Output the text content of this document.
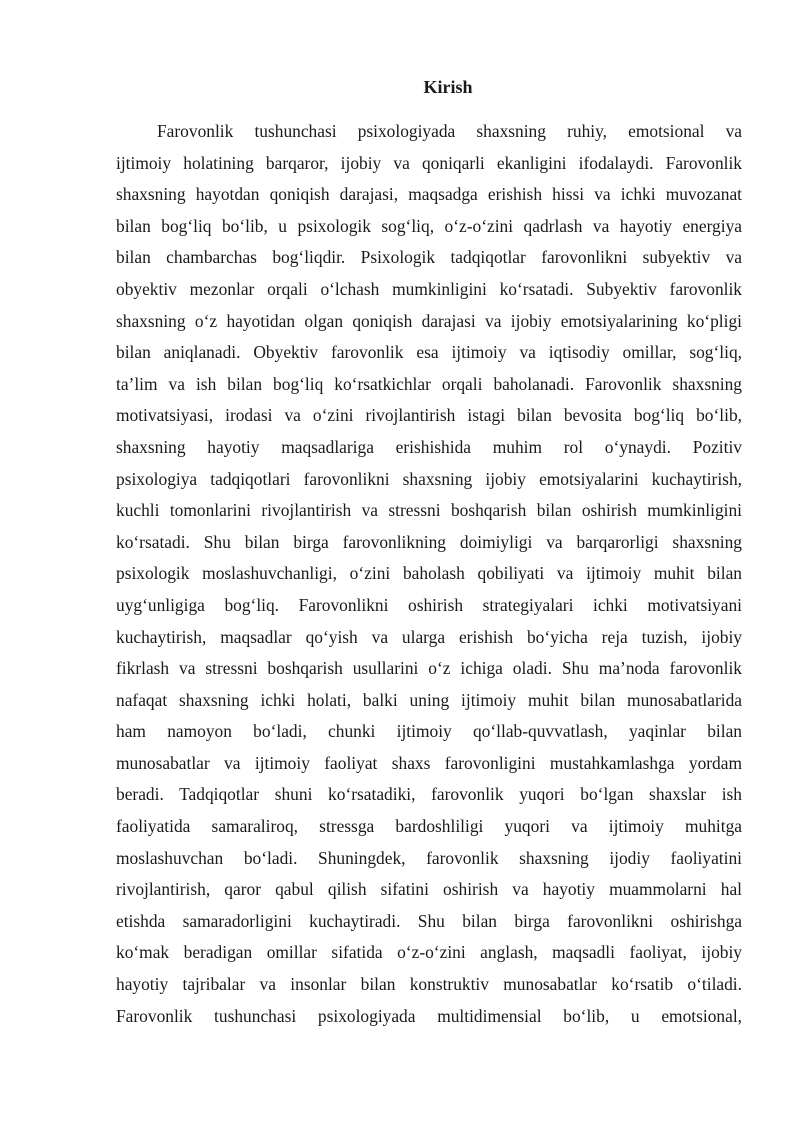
Kirish
Farovonlik tushunchasi psixologiyada shaxsning ruhiy, emotsional va
ijtimoiy holatining barqaror, ijobiy va qoniqarli ekanligini ifodalaydi. Farovonlik
shaxsning hayotdan qoniqish darajasi, maqsadga erishish hissi va ichki muvozanat
bilan bog‘liq bo‘lib, u psixologik sog‘liq, o‘z-o‘zini qadrlash va hayotiy energiya
bilan chambarchas bog‘liqdir. Psixologik tadqiqotlar farovonlikni subyektiv va
obyektiv mezonlar orqali o‘lchash mumkinligini ko‘rsatadi. Subyektiv farovonlik
shaxsning o‘z hayotidan olgan qoniqish darajasi va ijobiy emotsiyalarining ko‘pligi
bilan aniqlanadi. Obyektiv farovonlik esa ijtimoiy va iqtisodiy omillar, sog‘liq,
ta’lim va ish bilan bog‘liq ko‘rsatkichlar orqali baholanadi. Farovonlik shaxsning
motivatsiyasi, irodasi va o‘zini rivojlantirish istagi bilan bevosita bog‘liq bo‘lib,
shaxsning hayotiy maqsadlariga erishishida muhim rol o‘ynaydi. Pozitiv
psixologiya tadqiqotlari farovonlikni shaxsning ijobiy emotsiyalarini kuchaytirish,
kuchli tomonlarini rivojlantirish va stressni boshqarish bilan oshirish mumkinligini
ko‘rsatadi. Shu bilan birga farovonlikning doimiyligi va barqarorligi shaxsning
psixologik moslashuvchanligi, o‘zini baholash qobiliyati va ijtimoiy muhit bilan
uyg‘unligiga bog‘liq. Farovonlikni oshirish strategiyalari ichki motivatsiyani
kuchaytirish, maqsadlar qo‘yish va ularga erishish bo‘yicha reja tuzish, ijobiy
fikrlash va stressni boshqarish usullarini o‘z ichiga oladi. Shu ma’noda farovonlik
nafaqat shaxsning ichki holati, balki uning ijtimoiy muhit bilan munosabatlarida
ham namoyon bo‘ladi, chunki ijtimoiy qo‘llab-quvvatlash, yaqinlar bilan
munosabatlar va ijtimoiy faoliyat shaxs farovonligini mustahkamlashga yordam
beradi. Tadqiqotlar shuni ko‘rsatadiki, farovonlik yuqori bo‘lgan shaxslar ish
faoliyatida samaraliroq, stressga bardoshliligi yuqori va ijtimoiy muhitga
moslashuvchan bo‘ladi. Shuningdek, farovonlik shaxsning ijodiy faoliyatini
rivojlantirish, qaror qabul qilish sifatini oshirish va hayotiy muammolarni hal
etishda samaradorligini kuchaytiradi. Shu bilan birga farovonlikni oshirishga
ko‘mak beradigan omillar sifatida o‘z-o‘zini anglash, maqsadli faoliyat, ijobiy
hayotiy tajribalar va insonlar bilan konstruktiv munosabatlar ko‘rsatib o‘tiladi.
Farovonlik tushunchasi psixologiyada multidimensial bo‘lib, u emotsional,
